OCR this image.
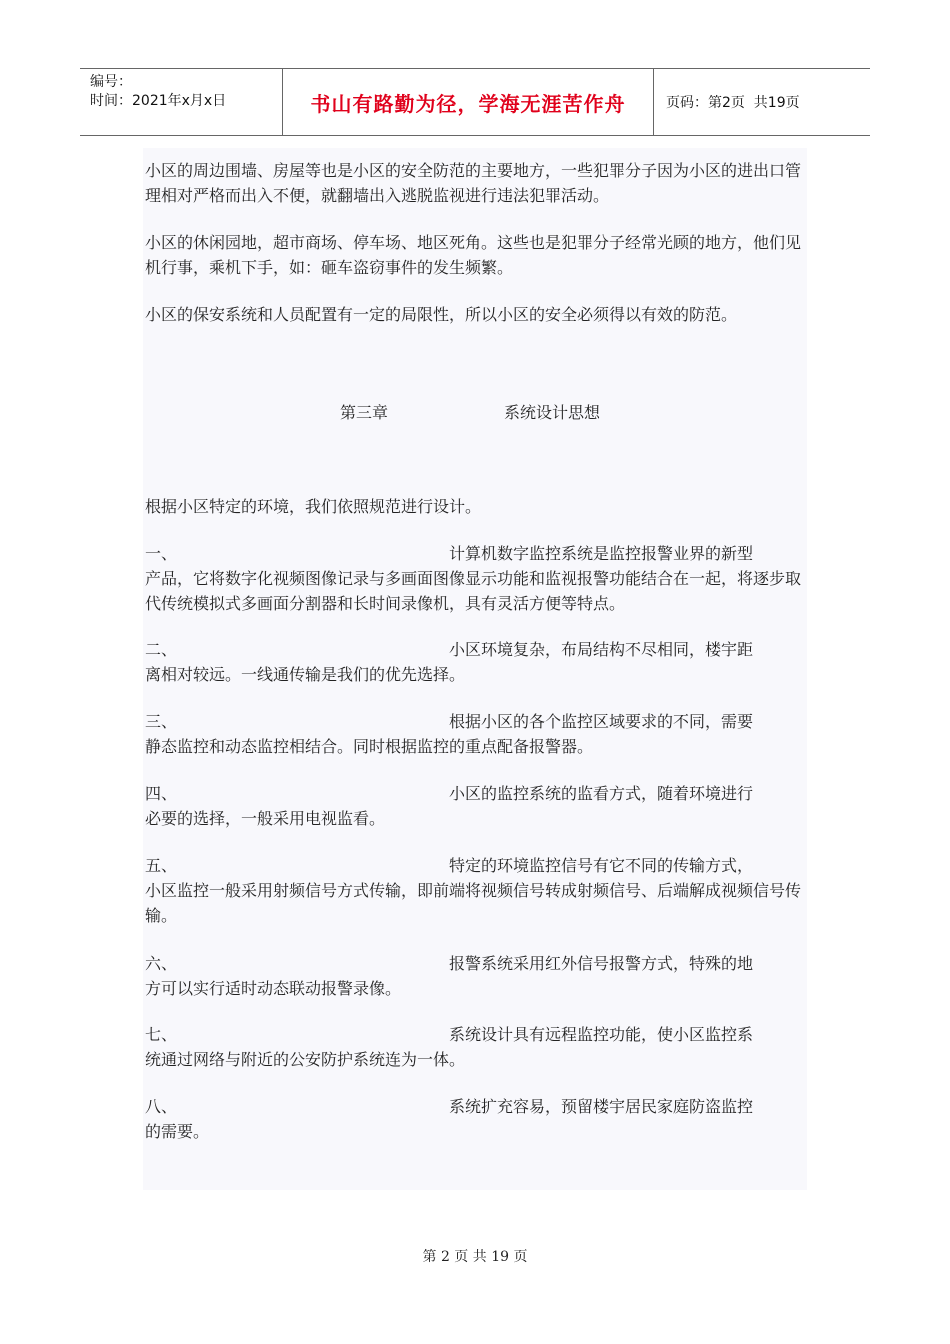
编号：
时间：2021年x月x日	书山有路勤为径，学海无涯苦作舟	页码：第2页  共19页

小区的周边围墙、房屋等也是小区的安全防范的主要地方，一些犯罪分子因为小区的进出口管理相对严格而出入不便，就翻墙出入逃脱监视进行违法犯罪活动。

小区的休闲园地，超市商场、停车场、地区死角。这些也是犯罪分子经常光顾的地方，他们见机行事，乘机下手，如：砸车盗窃事件的发生频繁。

小区的保安系统和人员配置有一定的局限性，所以小区的安全必须得以有效的防范。

第三章	系统设计思想

根据小区特定的环境，我们依照规范进行设计。

一、	计算机数字监控系统是监控报警业界的新型
产品，它将数字化视频图像记录与多画面图像显示功能和监视报警功能结合在一起，将逐步取代传统模拟式多画面分割器和长时间录像机，具有灵活方便等特点。
二、	小区环境复杂，布局结构不尽相同，楼宇距
离相对较远。一线通传输是我们的优先选择。
三、	根据小区的各个监控区域要求的不同，需要
静态监控和动态监控相结合。同时根据监控的重点配备报警器。
四、	小区的监控系统的监看方式，随着环境进行
必要的选择，一般采用电视监看。
五、	特定的环境监控信号有它不同的传输方式，
小区监控一般采用射频信号方式传输，即前端将视频信号转成射频信号、后端解成视频信号传输。
六、	报警系统采用红外信号报警方式，特殊的地
方可以实行适时动态联动报警录像。
七、	系统设计具有远程监控功能，使小区监控系
统通过网络与附近的公安防护系统连为一体。
八、	系统扩充容易，预留楼宇居民家庭防盗监控
的需要。
第 2 页 共 19 页
